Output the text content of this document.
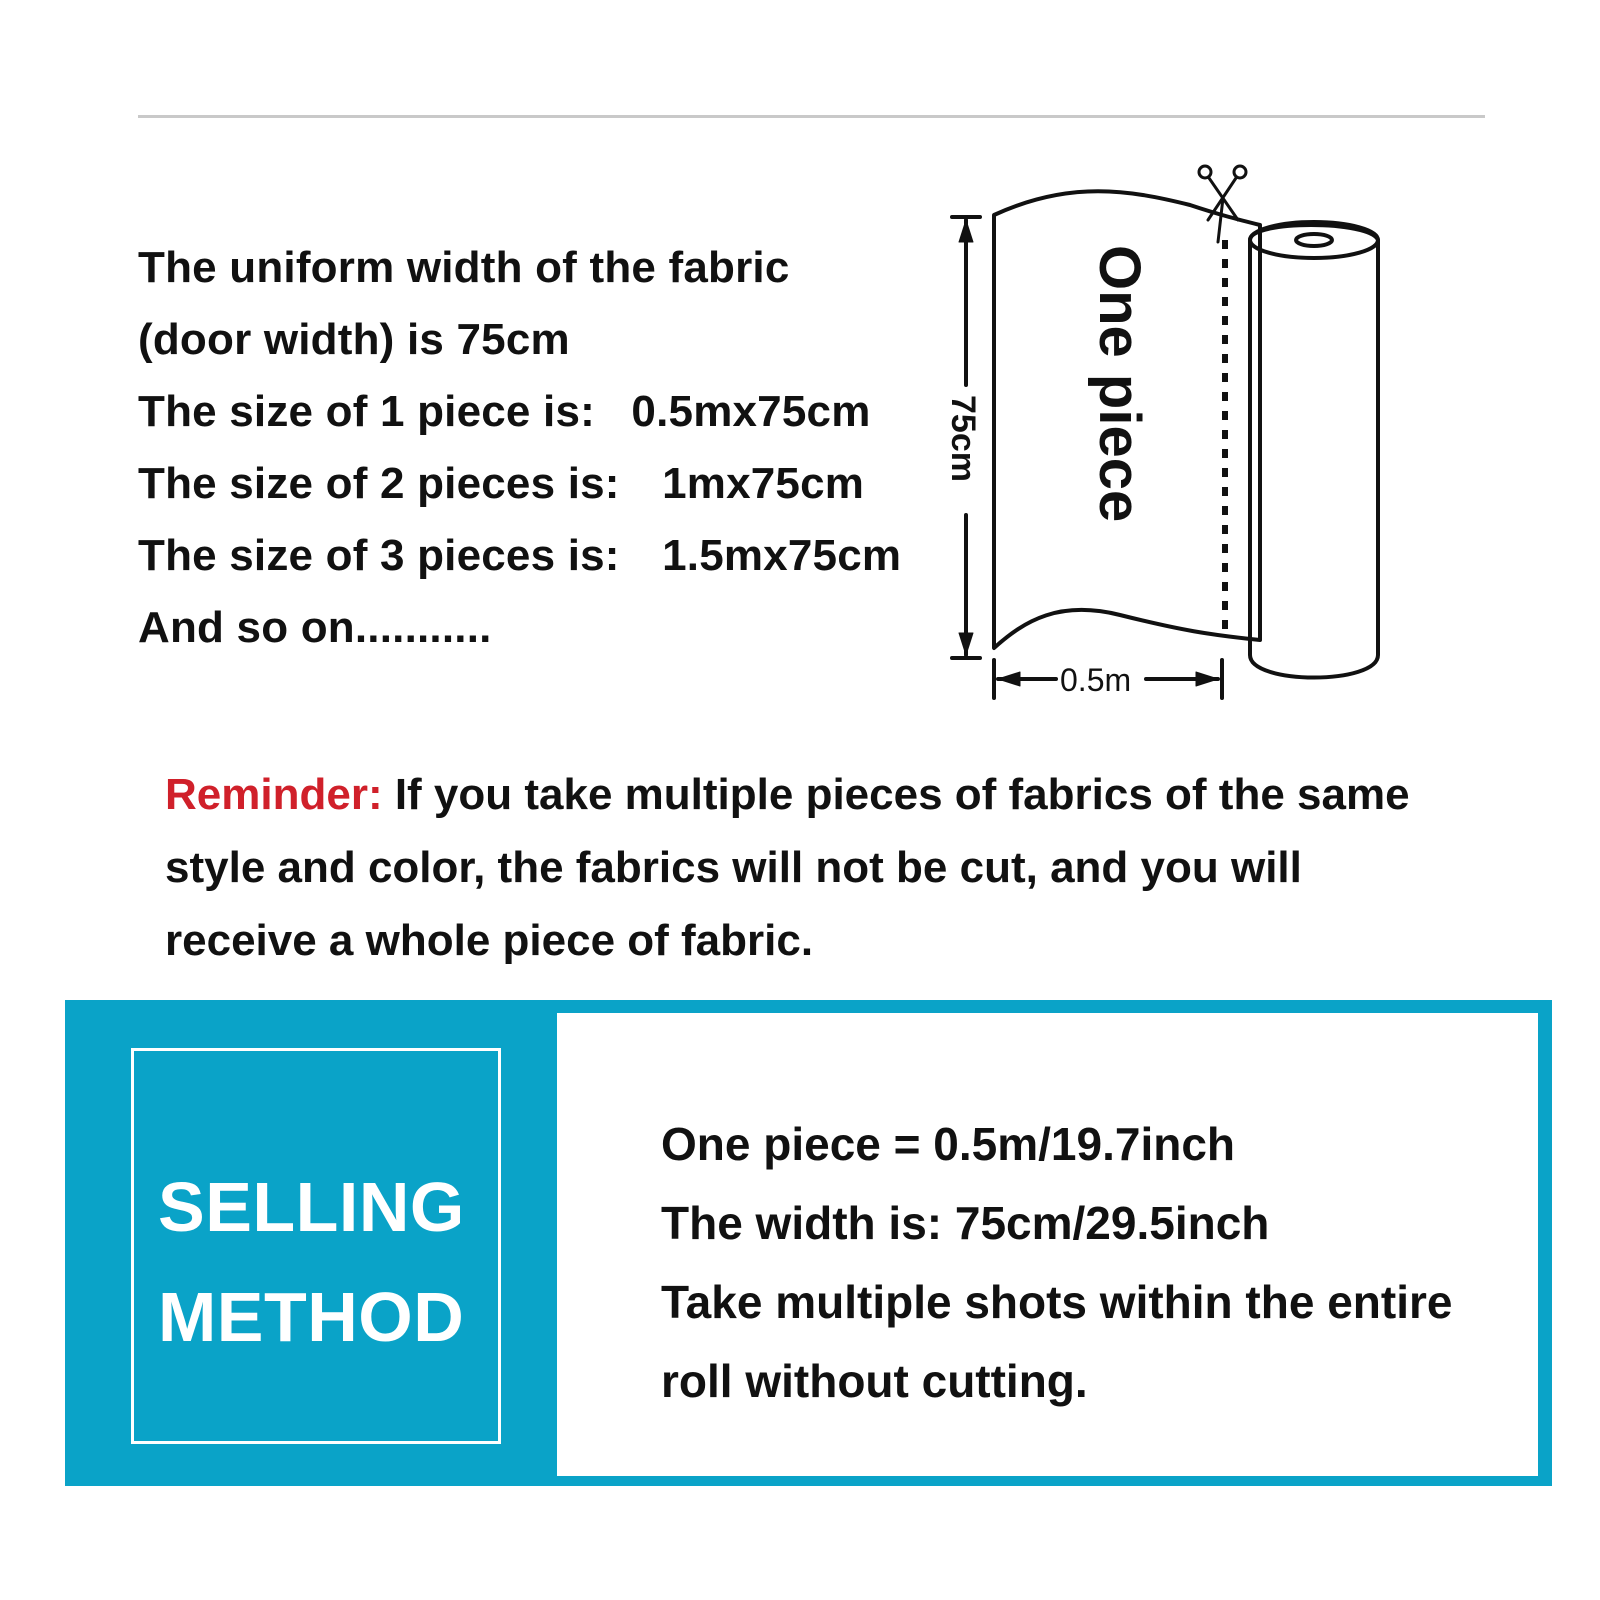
The uniform width of the fabric
(door width) is 75cm
The size of 1 piece is: 0.5mx75cm
The size of 2 pieces is: 1mx75cm
The size of 3 pieces is: 1.5mx75cm
And so on...........
One piece
75cm
0.5m
Reminder: If you take multiple pieces of fabrics of the same style and color, the fabrics will not be cut, and you will receive a whole piece of fabric.
SELLING
METHOD
One piece = 0.5m/19.7inch
The width is: 75cm/29.5inch
Take multiple shots within the entire
roll without cutting.
